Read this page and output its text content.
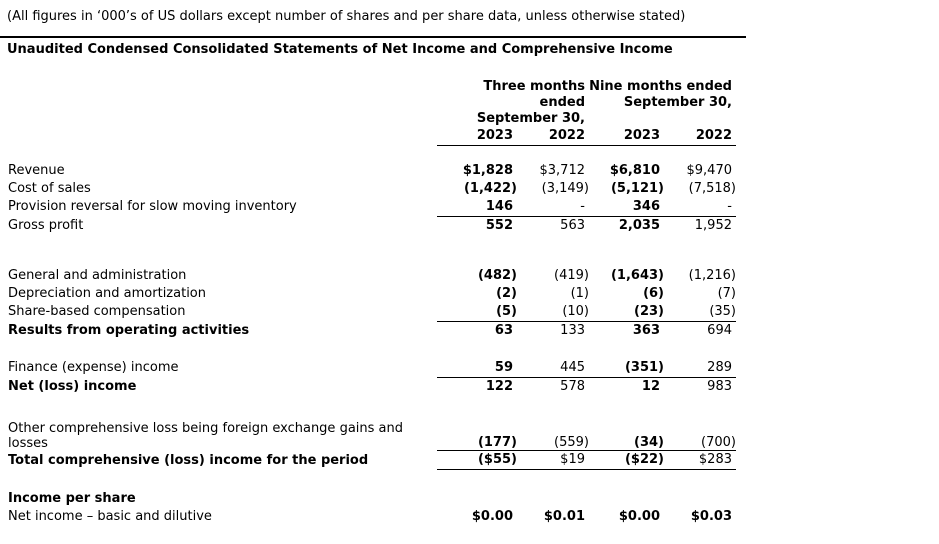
(All figures in ‘000’s of US dollars except number of shares and per share data, unless otherwise stated)
Unaudited Condensed Consolidated Statements of Net Income and Comprehensive Income

Three months
ended
September 30,

Nine months ended
September 30,

	2023	2022	2023	2022

Revenue	$1,828	$3,712	$6,810	$9,470
Cost of sales	(1,422)	(3,149)	(5,121)	(7,518)
Provision reversal for slow moving inventory	146	-	346	-
Gross profit	552	563	2,035	1,952

General and administration	(482)	(419)	(1,643)	(1,216)
Depreciation and amortization	(2)	(1)	(6)	(7)
Share-based compensation	(5)	(10)	(23)	(35)
Results from operating activities	63	133	363	694

Finance (expense) income	59	445	(351)	289
Net (loss) income	122	578	12	983

Other comprehensive loss being foreign exchange gains and losses	(177)	(559)	(34)	(700)
Total comprehensive (loss) income for the period	($55)	$19	($22)	$283

Income per share				
Net income – basic and dilutive	$0.00	$0.01	$0.00	$0.03
